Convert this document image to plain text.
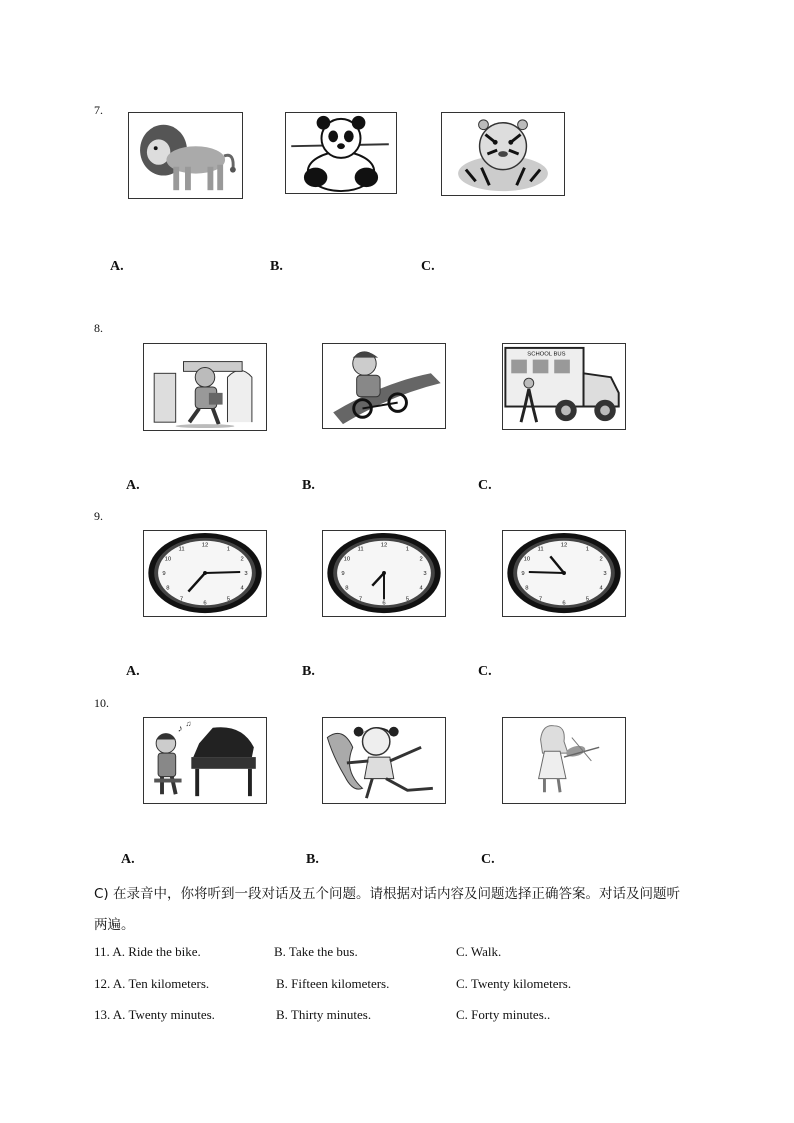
7.
A.	B.	C.
8.
SCHOOL BUS
A.	B.	C.
9.
12
1
2
3
4
5
6
7
8
9
10
11
12
1
2
3
4
5
6
7
8
9
10
11
12
1
2
3
4
5
6
7
8
9
10
11
A.	B.	C.
10.
♪
♫
A.	B.	C.
C) 在录音中，你将听到一段对话及五个问题。请根据对话内容及问题选择正确答案。对话及问题听
两遍。
11. A. Ride the bike.	B. Take the bus.	C. Walk.
12. A. Ten kilometers.	B. Fifteen kilometers.	C. Twenty kilometers.
13. A. Twenty minutes.	B. Thirty minutes.	C. Forty minutes..
